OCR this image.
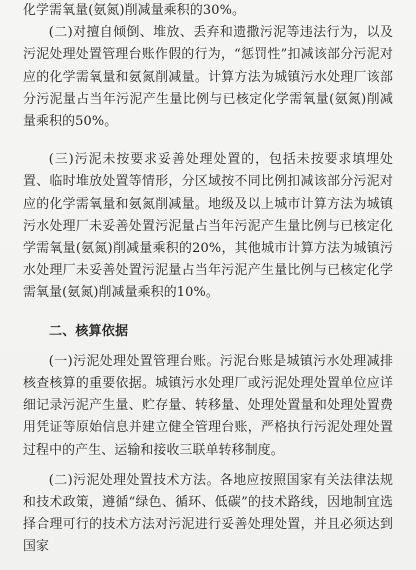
化学需氧量(氨氮)削减量乘积的30%。

(二)对擅自倾倒、堆放、丢弃和遗撒污泥等违法行为，以及污泥处理处置管理台账作假的行为，“惩罚性”扣减该部分污泥对应的化学需氧量和氨氮削减量。计算方法为城镇污水处理厂该部分污泥量占当年污泥产生量比例与已核定化学需氧量(氨氮)削减量乘积的50%。

(三)污泥未按要求妥善处理处置的，包括未按要求填埋处置、临时堆放处置等情形，分区域按不同比例扣减该部分污泥对应的化学需氧量和氨氮削减量。地级及以上城市计算方法为城镇污水处理厂未妥善处置污泥量占当年污泥产生量比例与已核定化学需氧量(氨氮)削减量乘积的20%，其他城市计算方法为城镇污水处理厂未妥善处置污泥量占当年污泥产生量比例与已核定化学需氧量(氨氮)削减量乘积的10%。

二、核算依据

(一)污泥处理处置管理台账。污泥台账是城镇污水处理减排核查核算的重要依据。城镇污水处理厂或污泥处理处置单位应详细记录污泥产生量、贮存量、转移量、处理处置量和处理处置费用凭证等原始信息并建立健全管理台账，严格执行污泥处理处置过程中的产生、运输和接收三联单转移制度。

(二)污泥处理处置技术方法。各地应按照国家有关法律法规和技术政策，遵循“绿色、循环、低碳”的技术路线，因地制宜选择合理可行的技术方法对污泥进行妥善处理处置，并且必须达到国家
